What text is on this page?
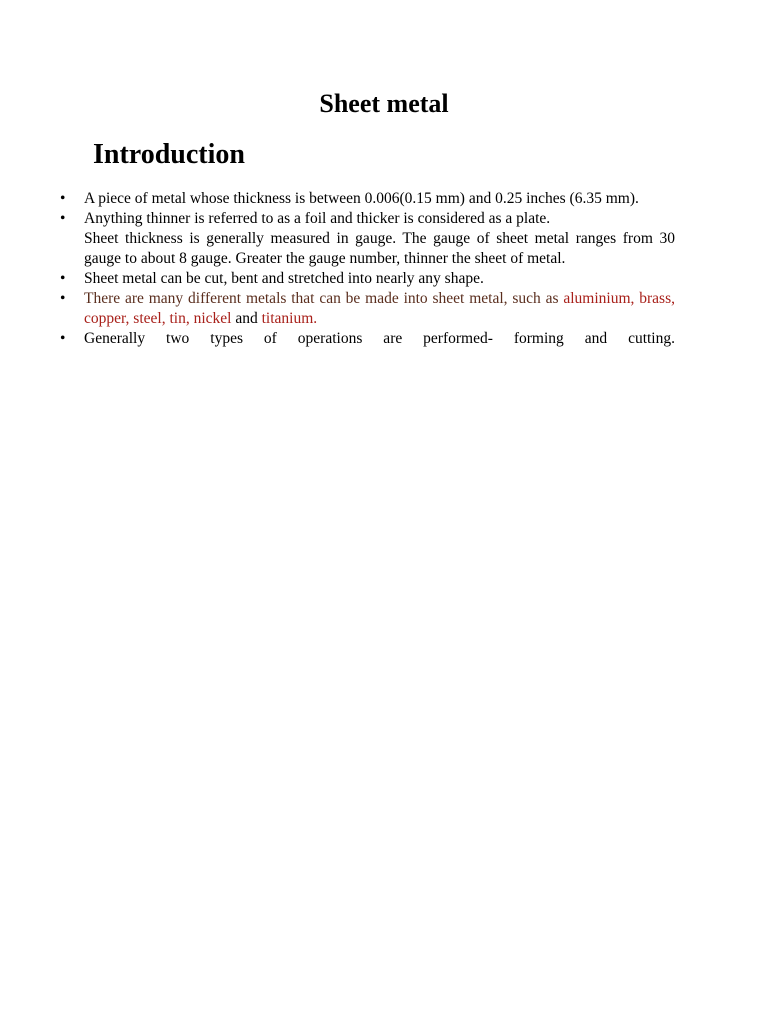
Sheet metal
Introduction
•
A piece of metal whose thickness is between 0.006(0.15 mm) and 0.25 inches (6.35 mm).
•
Anything thinner is referred to as a foil and thicker is considered as a plate.
Sheet thickness is generally measured in gauge. The gauge of sheet metal ranges from 30 gauge to about 8 gauge. Greater the gauge number, thinner the sheet of metal.
•
Sheet metal can be cut, bent and stretched into nearly any shape.
•
There are many different metals that can be made into sheet metal, such as aluminium, brass, copper, steel, tin, nickel and titanium.
•
Generally two types of operations are performed- forming and cutting.
